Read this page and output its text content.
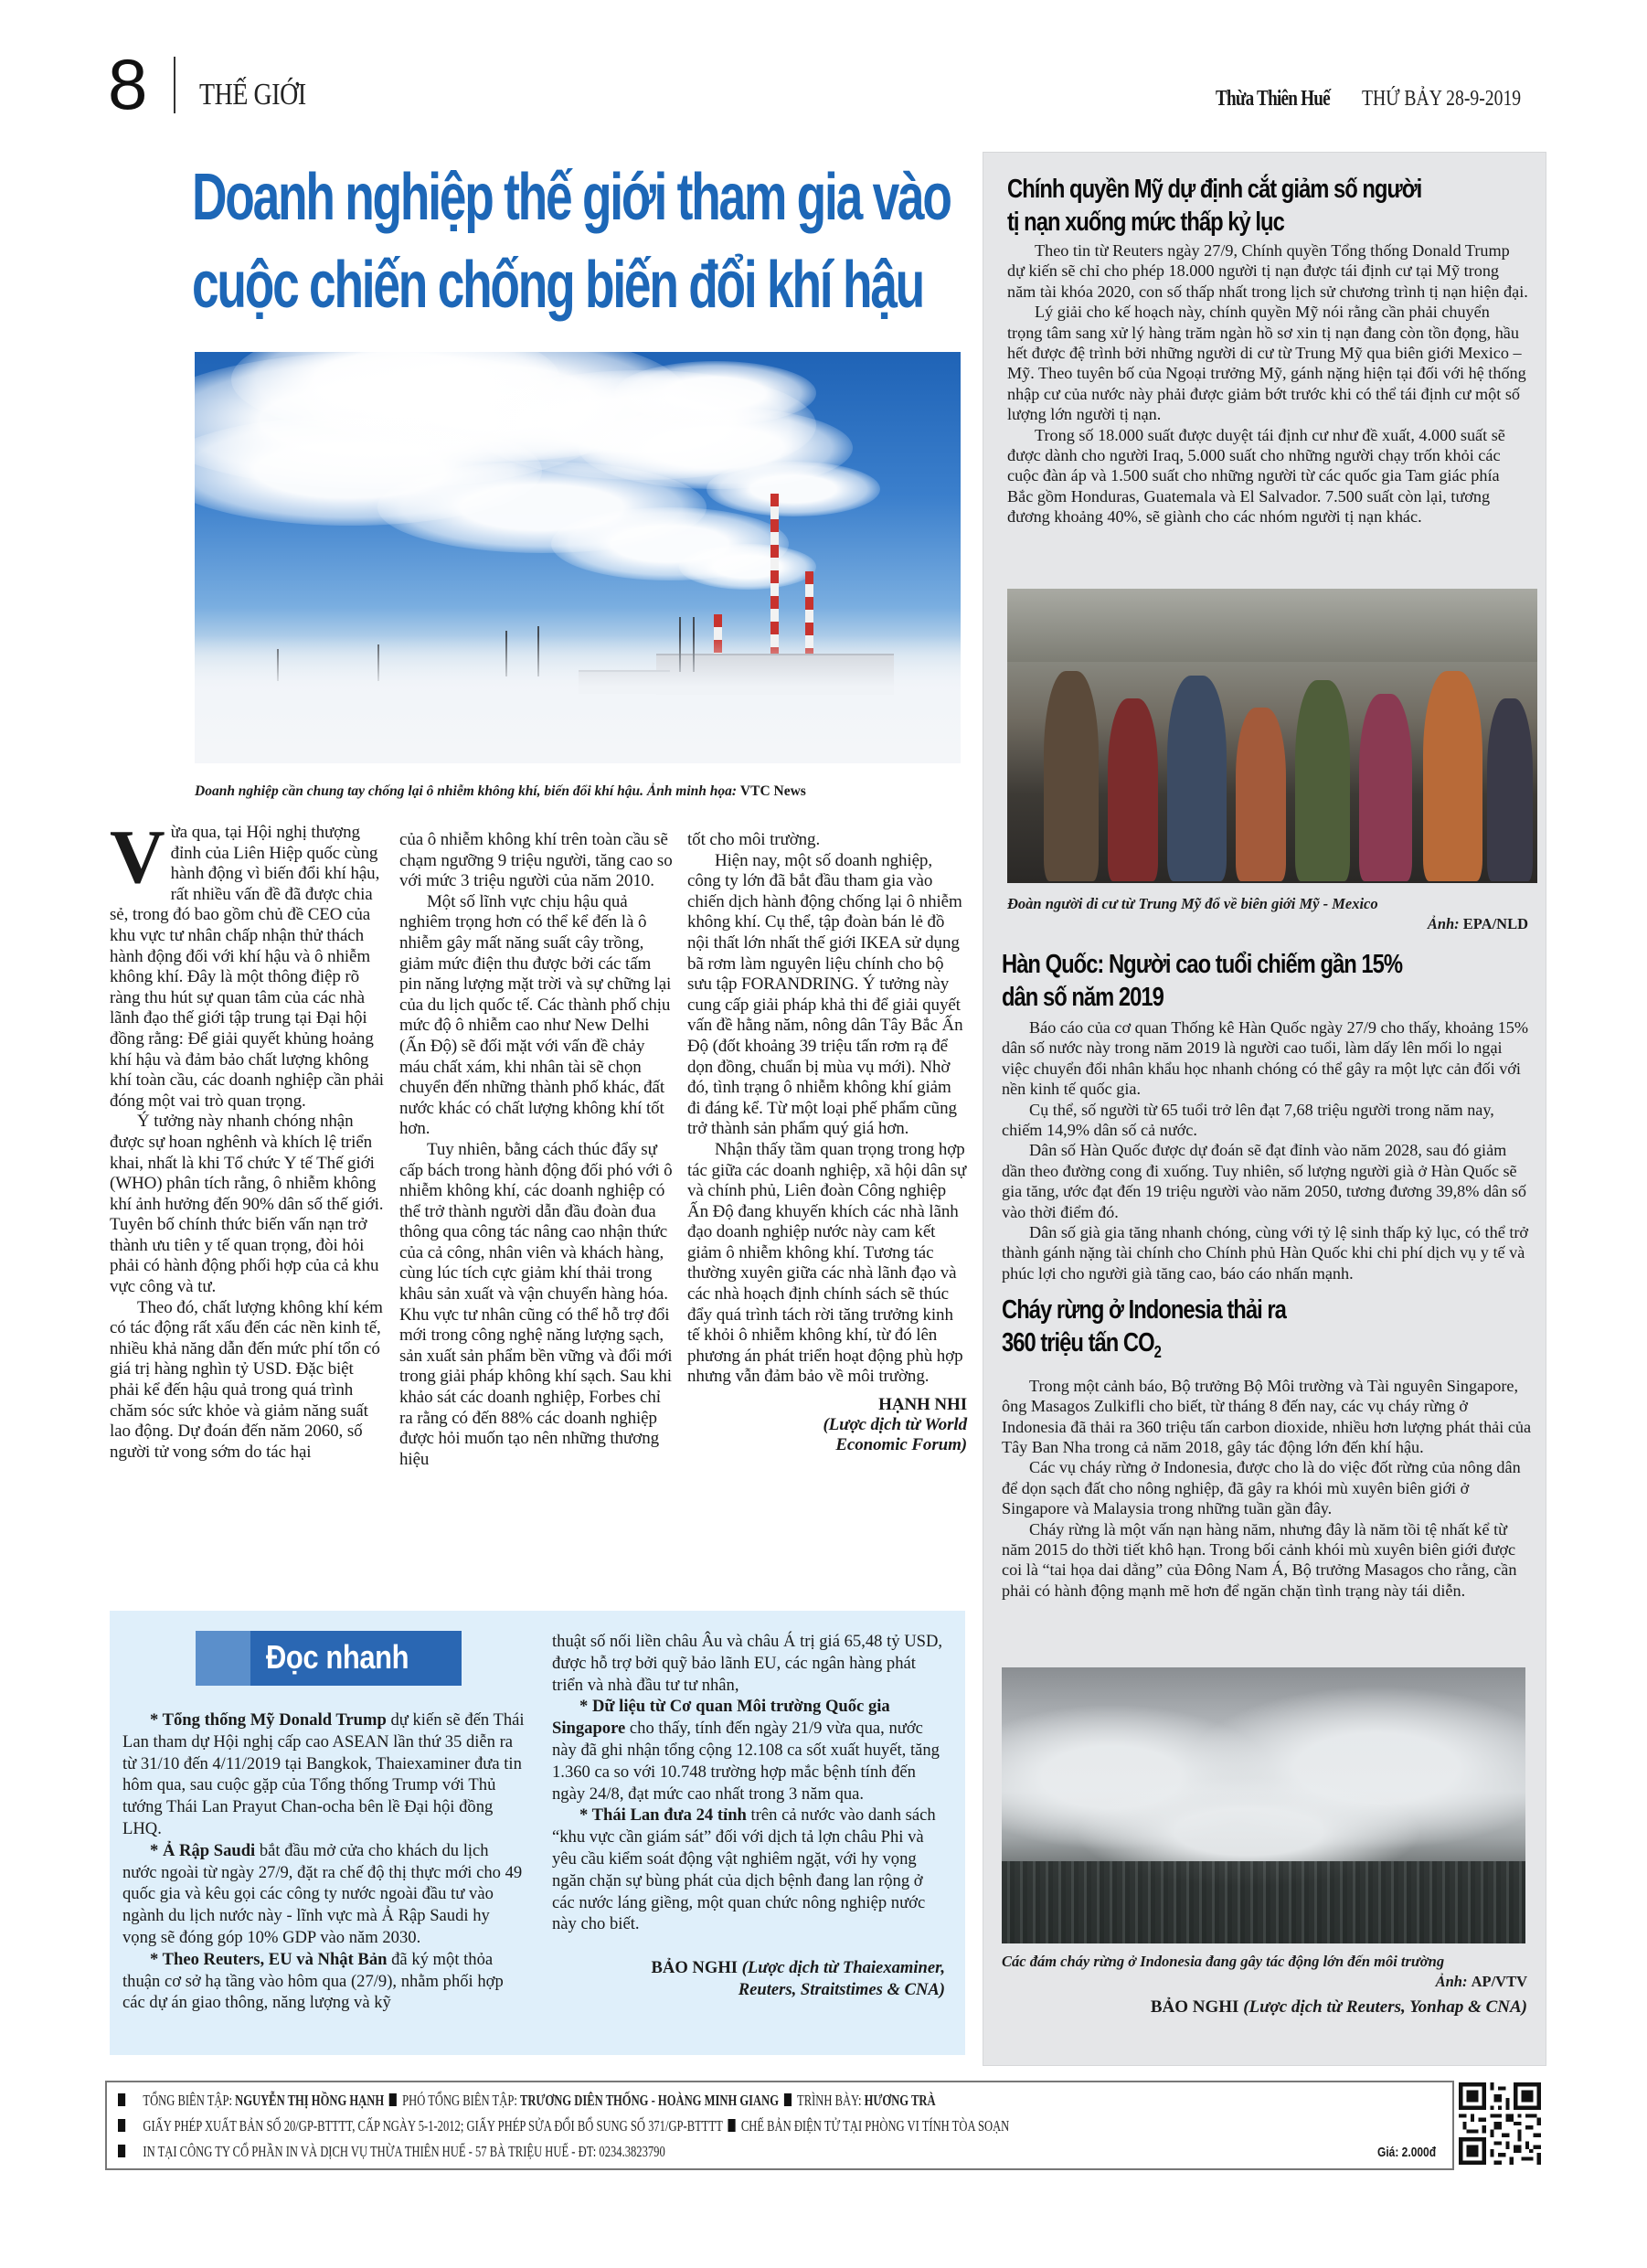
8 THẾ GIỚI	Thừa Thiên Huế THỨ BẢY 28-9-2019
Doanh nghiệp thế giới tham gia vào
cuộc chiến chống biến đổi khí hậu
Doanh nghiệp cần chung tay chống lại ô nhiễm không khí, biến đổi khí hậu. Ảnh minh họa: VTC News

Vừa qua, tại Hội nghị thượng đỉnh của Liên Hiệp quốc cùng hành động vì biến đổi khí hậu, rất nhiều vấn đề đã được chia sẻ, trong đó bao gồm chủ đề CEO của khu vực tư nhân chấp nhận thử thách hành động đối với khí hậu và ô nhiễm không khí. Đây là một thông điệp rõ ràng thu hút sự quan tâm của các nhà lãnh đạo thế giới tập trung tại Đại hội đồng rằng: Để giải quyết khủng hoảng khí hậu và đảm bảo chất lượng không khí toàn cầu, các doanh nghiệp cần phải đóng một vai trò quan trọng.

Ý tưởng này nhanh chóng nhận được sự hoan nghênh và khích lệ triển khai, nhất là khi Tổ chức Y tế Thế giới (WHO) phân tích rằng, ô nhiễm không khí ảnh hưởng đến 90% dân số thế giới. Tuyên bố chính thức biến vấn nạn trở thành ưu tiên y tế quan trọng, đòi hỏi phải có hành động phối hợp của cả khu vực công và tư.

Theo đó, chất lượng không khí kém có tác động rất xấu đến các nền kinh tế, nhiều khả năng dẫn đến mức phí tổn có giá trị hàng nghìn tỷ USD. Đặc biệt phải kể đến hậu quả trong quá trình chăm sóc sức khỏe và giảm năng suất lao động. Dự đoán đến năm 2060, số người tử vong sớm do tác hại

của ô nhiễm không khí trên toàn cầu sẽ chạm ngưỡng 9 triệu người, tăng cao so với mức 3 triệu người của năm 2010.

Một số lĩnh vực chịu hậu quả nghiêm trọng hơn có thể kể đến là ô nhiễm gây mất năng suất cây trồng, giảm mức điện thu được bởi các tấm pin năng lượng mặt trời và sự chững lại của du lịch quốc tế. Các thành phố chịu mức độ ô nhiễm cao như New Delhi (Ấn Độ) sẽ đối mặt với vấn đề chảy máu chất xám, khi nhân tài sẽ chọn chuyển đến những thành phố khác, đất nước khác có chất lượng không khí tốt hơn.

Tuy nhiên, bằng cách thúc đẩy sự cấp bách trong hành động đối phó với ô nhiễm không khí, các doanh nghiệp có thể trở thành người dẫn đầu đoàn đua thông qua công tác nâng cao nhận thức của cả công, nhân viên và khách hàng, cùng lúc tích cực giảm khí thải trong khâu sản xuất và vận chuyển hàng hóa. Khu vực tư nhân cũng có thể hỗ trợ đổi mới trong công nghệ năng lượng sạch, sản xuất sản phẩm bền vững và đổi mới trong giải pháp không khí sạch. Sau khi khảo sát các doanh nghiệp, Forbes chỉ ra rằng có đến 88% các doanh nghiệp được hỏi muốn tạo nên những thương hiệu

tốt cho môi trường.

Hiện nay, một số doanh nghiệp, công ty lớn đã bắt đầu tham gia vào chiến dịch hành động chống lại ô nhiễm không khí. Cụ thể, tập đoàn bán lẻ đồ nội thất lớn nhất thế giới IKEA sử dụng bã rơm làm nguyên liệu chính cho bộ sưu tập FORANDRING. Ý tưởng này cung cấp giải pháp khả thi để giải quyết vấn đề hằng năm, nông dân Tây Bắc Ấn Độ (đốt khoảng 39 triệu tấn rơm rạ để dọn đồng, chuẩn bị mùa vụ mới). Nhờ đó, tình trạng ô nhiễm không khí giảm đi đáng kể. Từ một loại phế phẩm cũng trở thành sản phẩm quý giá hơn.

Nhận thấy tầm quan trọng trong hợp tác giữa các doanh nghiệp, xã hội dân sự và chính phủ, Liên đoàn Công nghiệp Ấn Độ đang khuyến khích các nhà lãnh đạo doanh nghiệp nước này cam kết giảm ô nhiễm không khí. Tương tác thường xuyên giữa các nhà lãnh đạo và các nhà hoạch định chính sách sẽ thúc đẩy quá trình tách rời tăng trưởng kinh tế khỏi ô nhiễm không khí, từ đó lên phương án phát triển hoạt động phù hợp nhưng vẫn đảm bảo về môi trường.

HẠNH NHI
(Lược dịch từ World
Economic Forum)
Chính quyền Mỹ dự định cắt giảm số người
tị nạn xuống mức thấp kỷ lục

Theo tin từ Reuters ngày 27/9, Chính quyền Tổng thống Donald Trump dự kiến sẽ chỉ cho phép 18.000 người tị nạn được tái định cư tại Mỹ trong năm tài khóa 2020, con số thấp nhất trong lịch sử chương trình tị nạn hiện đại.

Lý giải cho kế hoạch này, chính quyền Mỹ nói rằng cần phải chuyển trọng tâm sang xử lý hàng trăm ngàn hồ sơ xin tị nạn đang còn tồn đọng, hầu hết được đệ trình bởi những người di cư từ Trung Mỹ qua biên giới Mexico – Mỹ. Theo tuyên bố của Ngoại trưởng Mỹ, gánh nặng hiện tại đối với hệ thống nhập cư của nước này phải được giảm bớt trước khi có thể tái định cư một số lượng lớn người tị nạn.

Trong số 18.000 suất được duyệt tái định cư như đề xuất, 4.000 suất sẽ được dành cho người Iraq, 5.000 suất cho những người chạy trốn khỏi các cuộc đàn áp và 1.500 suất cho những người từ các quốc gia Tam giác phía Bắc gồm Honduras, Guatemala và El Salvador. 7.500 suất còn lại, tương đương khoảng 40%, sẽ giành cho các nhóm người tị nạn khác.

Đoàn người di cư từ Trung Mỹ đổ về biên giới Mỹ - Mexico
Ảnh: EPA/NLD
Hàn Quốc: Người cao tuổi chiếm gần 15%
dân số năm 2019

Báo cáo của cơ quan Thống kê Hàn Quốc ngày 27/9 cho thấy, khoảng 15% dân số nước này trong năm 2019 là người cao tuổi, làm dấy lên mối lo ngại việc chuyển đổi nhân khẩu học nhanh chóng có thể gây ra một lực cản đối với nền kinh tế quốc gia.

Cụ thể, số người từ 65 tuổi trở lên đạt 7,68 triệu người trong năm nay, chiếm 14,9% dân số cả nước.

Dân số Hàn Quốc được dự đoán sẽ đạt đỉnh vào năm 2028, sau đó giảm dần theo đường cong đi xuống. Tuy nhiên, số lượng người già ở Hàn Quốc sẽ gia tăng, ước đạt đến 19 triệu người vào năm 2050, tương đương 39,8% dân số vào thời điểm đó.

Dân số già gia tăng nhanh chóng, cùng với tỷ lệ sinh thấp kỷ lục, có thể trở thành gánh nặng tài chính cho Chính phủ Hàn Quốc khi chi phí dịch vụ y tế và phúc lợi cho người già tăng cao, báo cáo nhấn mạnh.

Cháy rừng ở Indonesia thải ra
360 triệu tấn $CO_2$

Trong một cảnh báo, Bộ trưởng Bộ Môi trường và Tài nguyên Singapore, ông Masagos Zulkifli cho biết, từ tháng 8 đến nay, các vụ cháy rừng ở Indonesia đã thải ra 360 triệu tấn carbon dioxide, nhiều hơn lượng phát thải của Tây Ban Nha trong cả năm 2018, gây tác động lớn đến khí hậu.

Các vụ cháy rừng ở Indonesia, được cho là do việc đốt rừng của nông dân để dọn sạch đất cho nông nghiệp, đã gây ra khói mù xuyên biên giới ở Singapore và Malaysia trong những tuần gần đây.

Cháy rừng là một vấn nạn hàng năm, nhưng đây là năm tồi tệ nhất kể từ năm 2015 do thời tiết khô hạn. Trong bối cảnh khói mù xuyên biên giới được coi là “tai họa dai dẳng” của Đông Nam Á, Bộ trưởng Masagos cho rằng, cần phải có hành động mạnh mẽ hơn để ngăn chặn tình trạng này tái diễn.

Các đám cháy rừng ở Indonesia đang gây tác động lớn đến môi trường
Ảnh: AP/VTV
BẢO NGHI (Lược dịch từ Reuters, Yonhap & CNA)
Đọc nhanh

* Tổng thống Mỹ Donald Trump dự kiến sẽ đến Thái Lan tham dự Hội nghị cấp cao ASEAN lần thứ 35 diễn ra từ 31/10 đến 4/11/2019 tại Bangkok, Thaiexaminer đưa tin hôm qua, sau cuộc gặp của Tổng thống Trump với Thủ tướng Thái Lan Prayut Chan-ocha bên lề Đại hội đồng LHQ.

* Ả Rập Saudi bắt đầu mở cửa cho khách du lịch nước ngoài từ ngày 27/9, đặt ra chế độ thị thực mới cho 49 quốc gia và kêu gọi các công ty nước ngoài đầu tư vào ngành du lịch nước này - lĩnh vực mà Ả Rập Saudi hy vọng sẽ đóng góp 10% GDP vào năm 2030.

* Theo Reuters, EU và Nhật Bản đã ký một thỏa thuận cơ sở hạ tầng vào hôm qua (27/9), nhằm phối hợp các dự án giao thông, năng lượng và kỹ

thuật số nối liền châu Âu và châu Á trị giá 65,48 tỷ USD, được hỗ trợ bởi quỹ bảo lãnh EU, các ngân hàng phát triển và nhà đầu tư tư nhân,

* Dữ liệu từ Cơ quan Môi trường Quốc gia Singapore cho thấy, tính đến ngày 21/9 vừa qua, nước này đã ghi nhận tổng cộng 12.108 ca sốt xuất huyết, tăng 1.360 ca so với 10.748 trường hợp mắc bệnh tính đến ngày 24/8, đạt mức cao nhất trong 3 năm qua.

* Thái Lan đưa 24 tỉnh trên cả nước vào danh sách “khu vực cần giám sát” đối với dịch tả lợn châu Phi và yêu cầu kiểm soát động vật nghiêm ngặt, với hy vọng ngăn chặn sự bùng phát của dịch bệnh đang lan rộng ở các nước láng giềng, một quan chức nông nghiệp nước này cho biết.

BẢO NGHI (Lược dịch từ Thaiexaminer,
Reuters, Straitstimes & CNA)
TỔNG BIÊN TẬP: NGUYỄN THỊ HỒNG HẠNH PHÓ TỔNG BIÊN TẬP: TRƯƠNG DIÊN THỐNG - HOÀNG MINH GIANG TRÌNH BÀY: HƯƠNG TRÀ
GIẤY PHÉP XUẤT BẢN SỐ 20/GP-BTTTT, CẤP NGÀY 5-1-2012; GIẤY PHÉP SỬA ĐỔI BỔ SUNG SỐ 371/GP-BTTTT CHẾ BẢN ĐIỆN TỬ TẠI PHÒNG VI TÍNH TÒA SOẠN
IN TẠI CÔNG TY CỔ PHẦN IN VÀ DỊCH VỤ THỪA THIÊN HUẾ - 57 BÀ TRIỆU HUẾ - ĐT: 0234.3823790	Giá: 2.000đ
